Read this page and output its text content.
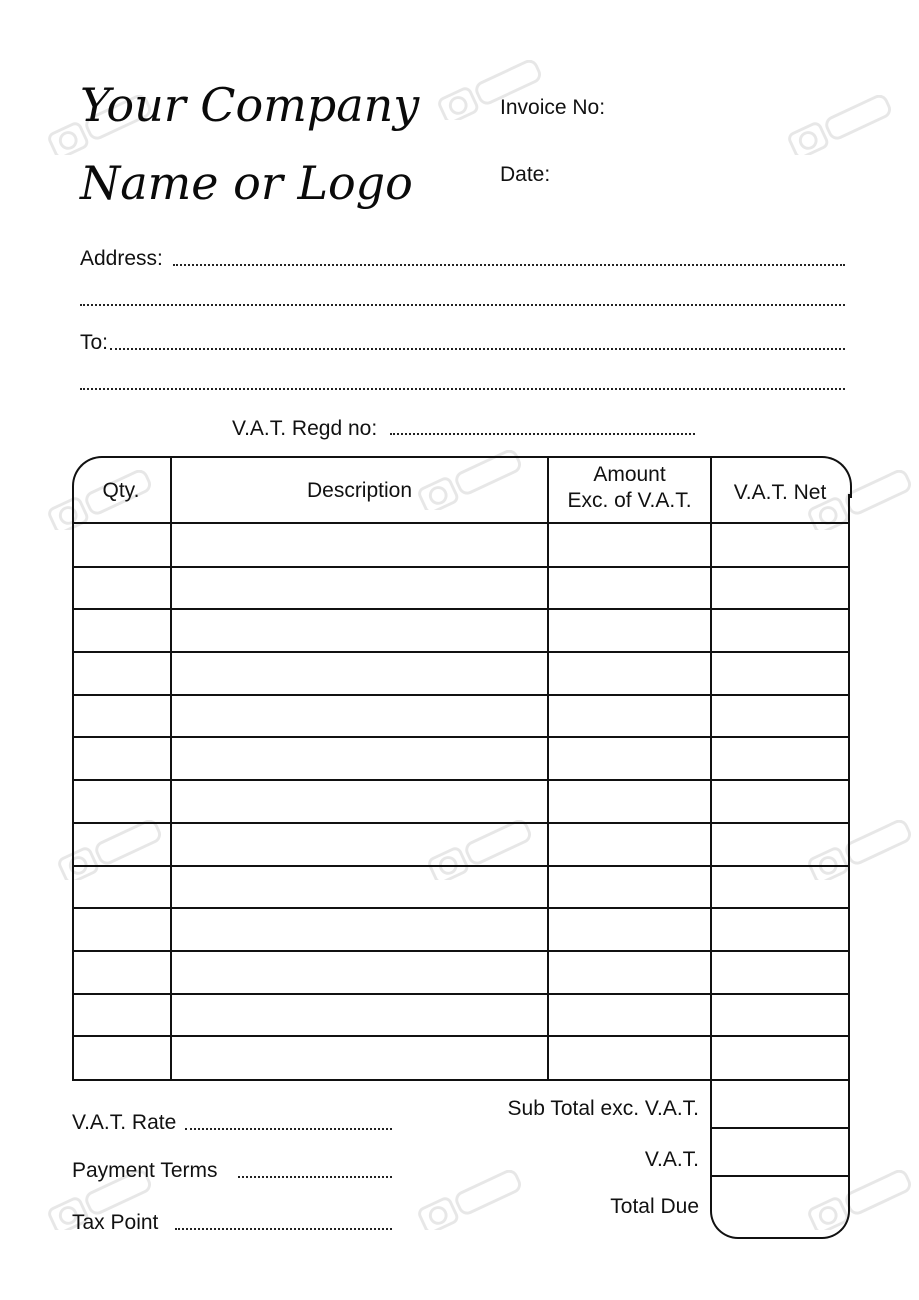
Your Company
Name or Logo
Invoice No:
Date:
Address:
To:
V.A.T. Regd no:
Qty.	Description
Amount
Exc. of V.A.T.	V.A.T. Net
V.A.T. Rate
Payment Terms
Tax Point
Sub Total exc. V.A.T.
V.A.T.
Total Due
